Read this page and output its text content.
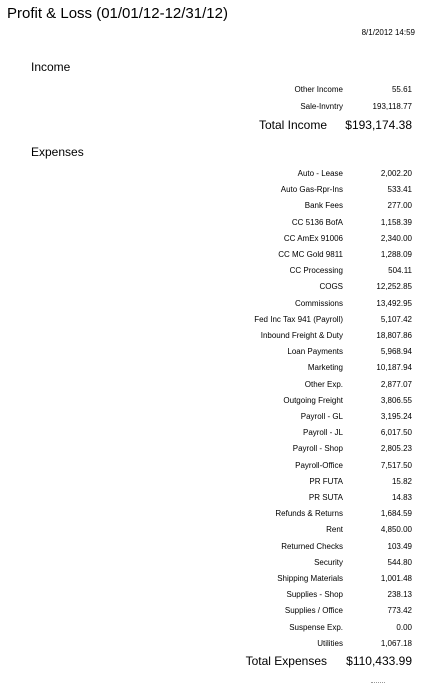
Profit & Loss (01/01/12-12/31/12)
8/1/2012 14:59
Income
Other Income	55.61
Sale-Invntry	193,118.77
Total Income $193,174.38
Expenses
Auto - Lease	2,002.20
Auto Gas-Rpr-Ins	533.41
Bank Fees	277.00
CC 5136 BofA	1,158.39
CC AmEx 91006	2,340.00
CC MC Gold 9811	1,288.09
CC Processing	504.11
COGS	12,252.85
Commissions	13,492.95
Fed Inc Tax 941 (Payroll)	5,107.42
Inbound Freight & Duty	18,807.86
Loan Payments	5,968.94
Marketing	10,187.94
Other Exp.	2,877.07
Outgoing Freight	3,806.55
Payroll - GL	3,195.24
Payroll - JL	6,017.50
Payroll - Shop	2,805.23
Payroll-Office	7,517.50
PR FUTA	15.82
PR SUTA	14.83
Refunds & Returns	1,684.59
Rent	4,850.00
Returned Checks	103.49
Security	544.80
Shipping Materials	1,001.48
Supplies - Shop	238.13
Supplies / Office	773.42
Suspense Exp.	0.00
Utilities	1,067.18
Total Expenses $110,433.99
